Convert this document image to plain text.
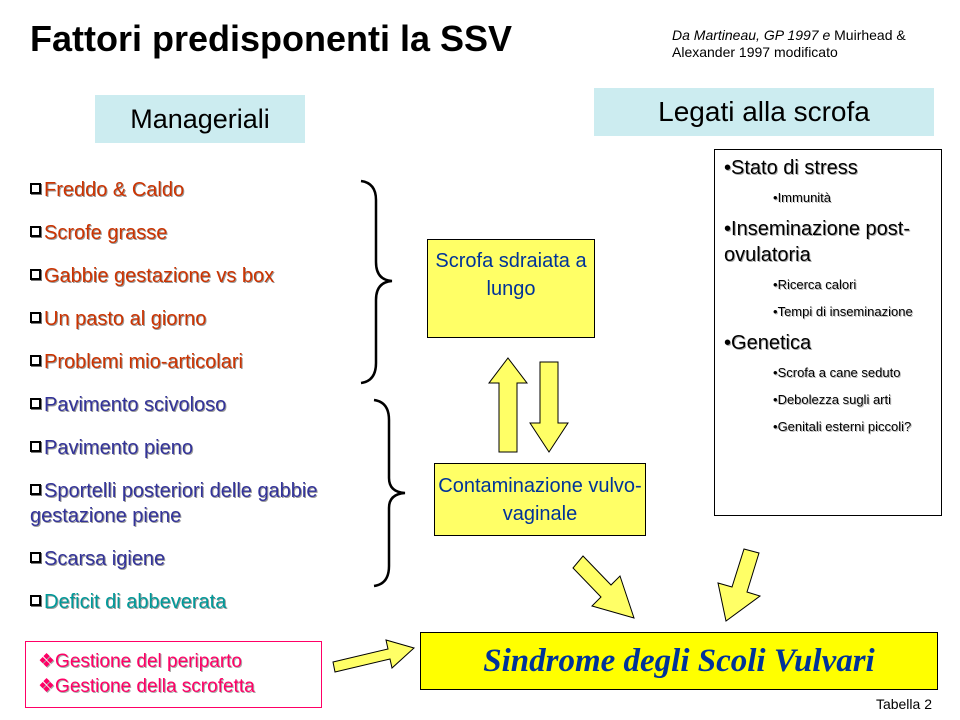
Fattori predisponenti la SSV	Da Martineau, GP 1997 e Muirhead & Alexander 1997 modificato
Manageriali	Legati alla scrofa
Freddo & Caldo
Scrofe grasse
Gabbie gestazione vs box
Un pasto al giorno
Problemi mio-articolari
Pavimento scivoloso
Pavimento pieno
Sportelli posteriori delle gabbie gestazione piene
Scarsa igiene
Deficit di abbeverata
Scrofa sdraiata a lungo
Contaminazione vulvo-vaginale
•Stato di stress
•Immunità
•Inseminazione post-ovulatoria
•Ricerca calori
•Tempi di inseminazione
•Genetica
•Scrofa a cane seduto
•Debolezza sugli arti
•Genitali esterni piccoli?
❖Gestione del periparto
❖Gestione della scrofetta
Sindrome degli Scoli Vulvari
Tabella 2
